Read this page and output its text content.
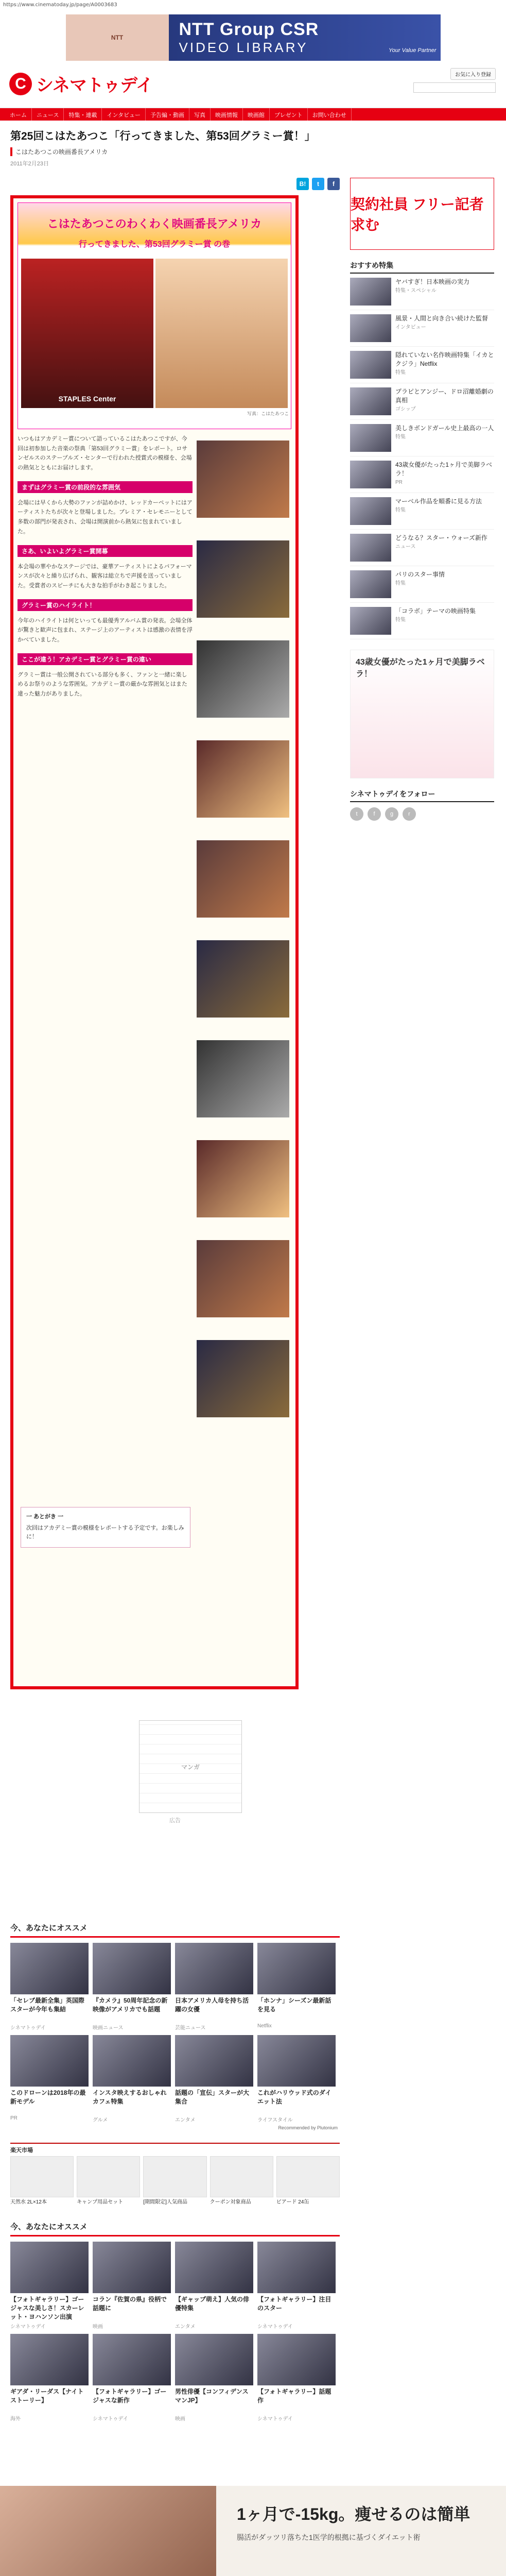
https://www.cinematoday.jp/page/A0003683
NTT	NTT Group CSR
VIDEO LIBRARY	Your Value Partner
C シネマトゥデイ
お気に入り登録
ホーム	ニュース	特集・連載	インタビュー	予告編・動画	写真	映画情報	映画館	プレゼント	お問い合わせ
第25回こはたあつこ「行ってきました、第53回グラミー賞！」
こはたあつこの映画番長アメリカ
2011年2月23日
B!	t	f
こはたあつこのわくわく映画番長アメリカ
行ってきました、第53回グラミー賞 の巻
STAPLES Center
写真：こはたあつこ
いつもはアカデミー賞について語っているこはたあつこですが、今回は初参加した音楽の祭典「第53回グラミー賞」をレポート。ロサンゼルスのステープルズ・センターで行われた授賞式の模様を、会場の熱気とともにお届けします。
まずはグラミー賞の前段的な雰囲気
会場には早くから大勢のファンが詰めかけ、レッドカーペットにはアーティストたちが次々と登場しました。プレミア・セレモニーとして多数の部門が発表され、会場は開演前から熱気に包まれていました。
さあ、いよいよグラミー賞開幕
本会場の華やかなステージでは、豪華アーティストによるパフォーマンスが次々と繰り広げられ、観客は総立ちで声援を送っていました。受賞者のスピーチにも大きな拍手がわき起こりました。
グラミー賞のハイライト！
今年のハイライトは何といっても最優秀アルバム賞の発表。会場全体が驚きと歓声に包まれ、ステージ上のアーティストは感激の表情を浮かべていました。
ここが違う！アカデミー賞とグラミー賞の違い
グラミー賞は一般公開されている部分も多く、ファンと一緒に楽しめるお祭りのような雰囲気。アカデミー賞の厳かな雰囲気とはまた違った魅力がありました。
一 あとがき 一
次回はアカデミー賞の模様をレポートする予定です。お楽しみに！
マンガ
広告
今、あなたにオススメ
「セレブ最新全集」英国際スターが今年も集結
シネマトゥデイ
『カメラ』50周年記念の新映像がアメリカでも話題
映画ニュース
日本アメリカ人母を持ち活躍の女優
芸能ニュース
「ホンナ」シーズン最新話を見る
Netflix
このドローンは2018年の最新モデル
PR
インスタ映えするおしゃれカフェ特集
グルメ
話題の「宣伝」スターが大集合
エンタメ
これがハリウッド式のダイエット法
ライフスタイル
Recommended by Plutonium
楽天市場
天然水 2L×12本	キャンプ用品セット	[期間限定]人気商品	クーポン対象商品	ビアード 24缶
今、あなたにオススメ
【フォトギャラリー】ゴージャスな美しさ！スカーレット・ヨハンソン出演
シネマトゥデイ
コラン『佐賀の県』役柄で話題に
映画
【ギャップ萌え】人気の俳優特集
エンタメ
【フォトギャラリー】注目のスター
シネマトゥデイ
ギアダ・リーダス【ナイトストーリー】
海外
【フォトギャラリー】ゴージャスな新作
シネマトゥデイ
男性俳優【コンフィデンスマンJP】
映画
【フォトギャラリー】話題作
シネマトゥデイ
契約社員 フリー記者 求む
おすすめ特集
ヤバすぎ！日本映画の実力
特集・スペシャル
風景・人間と向き合い続けた監督
インタビュー
隠れていない名作映画特集「イカとクジラ」Netflix
特集
プラピとアンジー、ドロ沼離婚劇の真相
ゴシップ
美しきボンドガール史上最高の一人
特集
43歳女優がたった1ヶ月で美脚ラベラ！
PR
マーベル作品を順番に見る方法
特集
どうなる？スター・ウォーズ新作
ニュース
パリのスター事情
特集
「コラボ」テーマの映画特集
特集
43歳女優がたった1ヶ月で美脚ラベラ！
シネマトゥデイをフォロー
t	f	g	r
1ヶ月で-15kg。痩せるのは簡単
腸活がダッツリ落ちた1医学的根拠に基づくダイエット術
